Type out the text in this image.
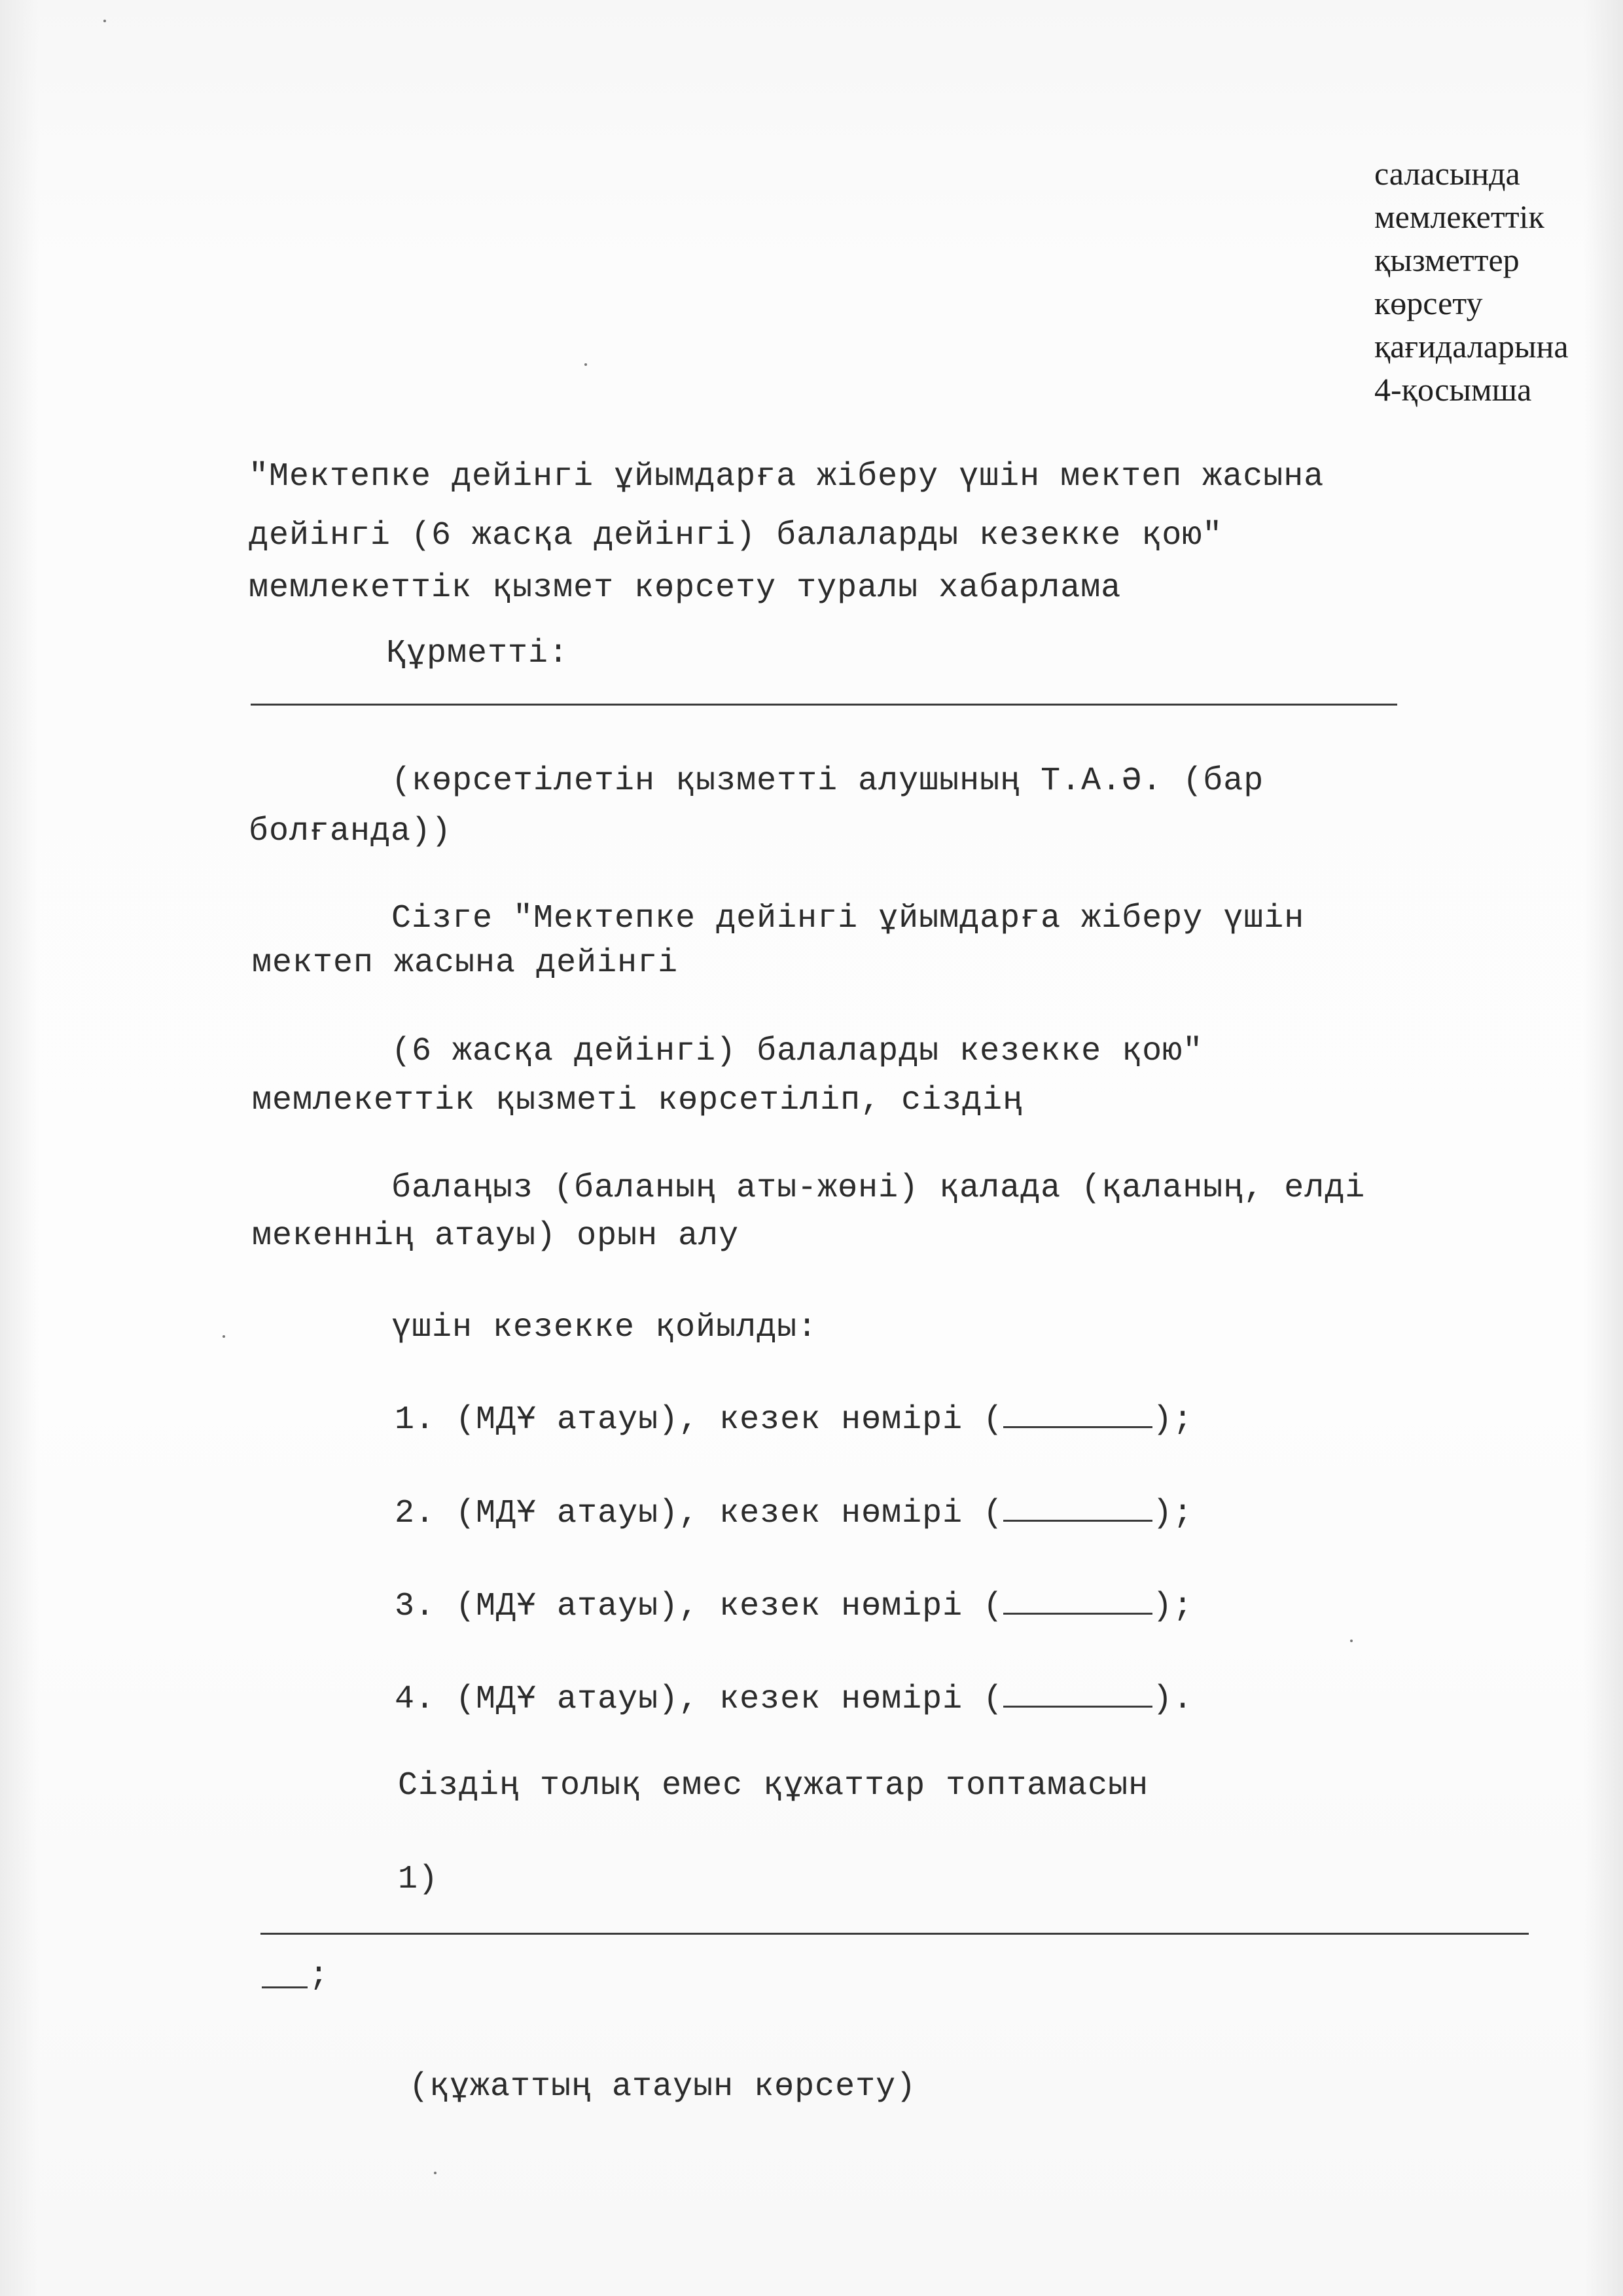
саласында
мемлекеттік
қызметтер
көрсету
қағидаларына
4-қосымша
"Мектепке дейінгі ұйымдарға жіберу үшін мектеп жасына
дейінгі (6 жасқа дейінгі) балаларды кезекке қою"
мемлекеттік қызмет көрсету туралы хабарлама
Құрметті:
(көрсетілетін қызметті алушының Т.А.Ә. (бар
болғанда))
Сізге "Мектепке дейінгі ұйымдарға жіберу үшін
мектеп жасына дейінгі
(6 жасқа дейінгі) балаларды кезекке қою"
мемлекеттік қызметі көрсетіліп, сіздің
балаңыз (баланың аты-жөні) қалада (қаланың, елді
мекеннің атауы) орын алу
үшін кезекке қойылды:
1. (МДҰ атауы), кезек нөмірі (	);
2. (МДҰ атауы), кезек нөмірі (	);
3. (МДҰ атауы), кезек нөмірі (	);
4. (МДҰ атауы), кезек нөмірі (	).
Сіздің толық емес құжаттар топтамасын
1)
;
(құжаттың атауын көрсету)
